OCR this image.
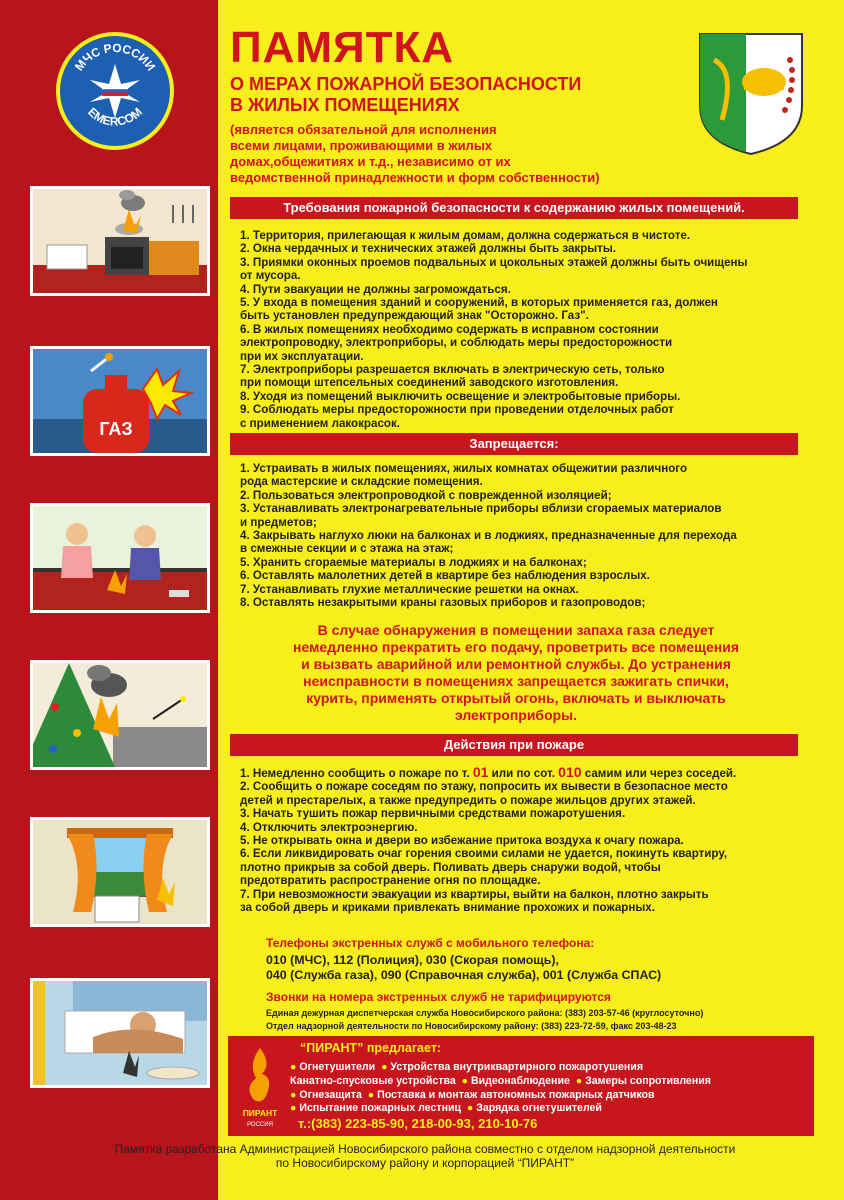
МЧС РОССИИ
EMERCOM
ГАЗ
ПАМЯТКА
О МЕРАХ ПОЖАРНОЙ БЕЗОПАСНОСТИ
В ЖИЛЫХ ПОМЕЩЕНИЯХ
(является обязательной для исполнения
всеми лицами, проживающими в жилых
домах,общежитиях и т.д., независимо от их
ведомственной принадлежности и форм собственности)
Требования пожарной безопасности к содержанию жилых помещений.
1. Территория, прилегающая к жилым домам, должна содержаться в чистоте.
2. Окна чердачных и технических этажей должны быть закрыты.
3. Приямки оконных проемов подвальных и цокольных этажей должны быть очищены
от мусора.
4. Пути эвакуации не должны загромождаться.
5. У входа в помещения зданий и сооружений, в которых применяется газ, должен
быть установлен предупреждающий знак "Осторожно. Газ".
6. В жилых помещениях необходимо содержать в исправном состоянии
электропроводку, электроприборы, и соблюдать меры предосторожности
при их эксплуатации.
7. Электроприборы разрешается включать в электрическую сеть, только
при помощи штепсельных соединений заводского изготовления.
8. Уходя из помещений выключить освещение и электробытовые приборы.
9. Соблюдать меры предосторожности при проведении отделочных работ
с применением лакокрасок.
Запрещается:
1. Устраивать в жилых помещениях, жилых комнатах общежитии различного
рода мастерские и складские помещения.
2. Пользоваться электропроводкой с поврежденной изоляцией;
3. Устанавливать электронагревательные приборы вблизи сгораемых материалов
и предметов;
4. Закрывать наглухо люки на балконах и в лоджиях, предназначенные для перехода
в смежные секции и с этажа на этаж;
5. Хранить сгораемые материалы в лоджиях и на балконах;
6. Оставлять малолетних детей в квартире без наблюдения взрослых.
7. Устанавливать глухие металлические решетки на окнах.
8. Оставлять незакрытыми краны газовых приборов и газопроводов;
В случае обнаружения в помещении запаха газа следует
немедленно прекратить его подачу, проветрить все помещения
и вызвать аварийной или ремонтной службы. До устранения
неисправности в помещениях запрещается зажигать спички,
курить, применять открытый огонь, включать и выключать
электроприборы.
Действия при пожаре
1. Немедленно сообщить о пожаре по т. 01 или по сот. 010 самим или через соседей.
2. Сообщить о пожаре соседям по этажу, попросить их вывести в безопасное место
детей и престарелых, а также предупредить о пожаре жильцов других этажей.
3. Начать тушить пожар первичными средствами пожаротушения.
4. Отключить электроэнергию.
5. Не открывать окна и двери во избежание притока воздуха к очагу пожара.
6. Если ликвидировать очаг горения своими силами не удается, покинуть квартиру,
плотно прикрыв за собой дверь. Поливать дверь снаружи водой, чтобы
предотвратить распространение огня по площадке.
7. При невозможности эвакуации из квартиры, выйти на балкон, плотно закрыть
за собой дверь и криками привлекать внимание прохожих и пожарных.
Телефоны экстренных служб с мобильного телефона:
010 (МЧС), 112 (Полиция), 030 (Скорая помощь),
040 (Служба газа), 090 (Справочная служба), 001 (Служба СПАС)
Звонки на номера экстренных служб не тарифицируются
Единая дежурная диспетчерская служба Новосибирского района: (383) 203-57-46 (круглосуточно)
Отдел надзорной деятельности по Новосибирскому району: (383) 223-72-59, факс 203-48-23
ПИРАНТ
РОССИЯ
“ПИРАНТ” предлагает:
● Огнетушители ● Устройства внутриквартирного пожаротушения
Канатно-спусковые устройства ● Видеонаблюдение ● Замеры сопротивления
● Огнезащита ● Поставка и монтаж автономных пожарных датчиков
● Испытание пожарных лестниц ● Зарядка огнетушителей
т.:(383) 223-85-90, 218-00-93, 210-10-76
Памятка разработана Администрацией Новосибирского района совместно с отделом надзорной деятельности
по Новосибирскому району и корпорацией “ПИРАНТ”
